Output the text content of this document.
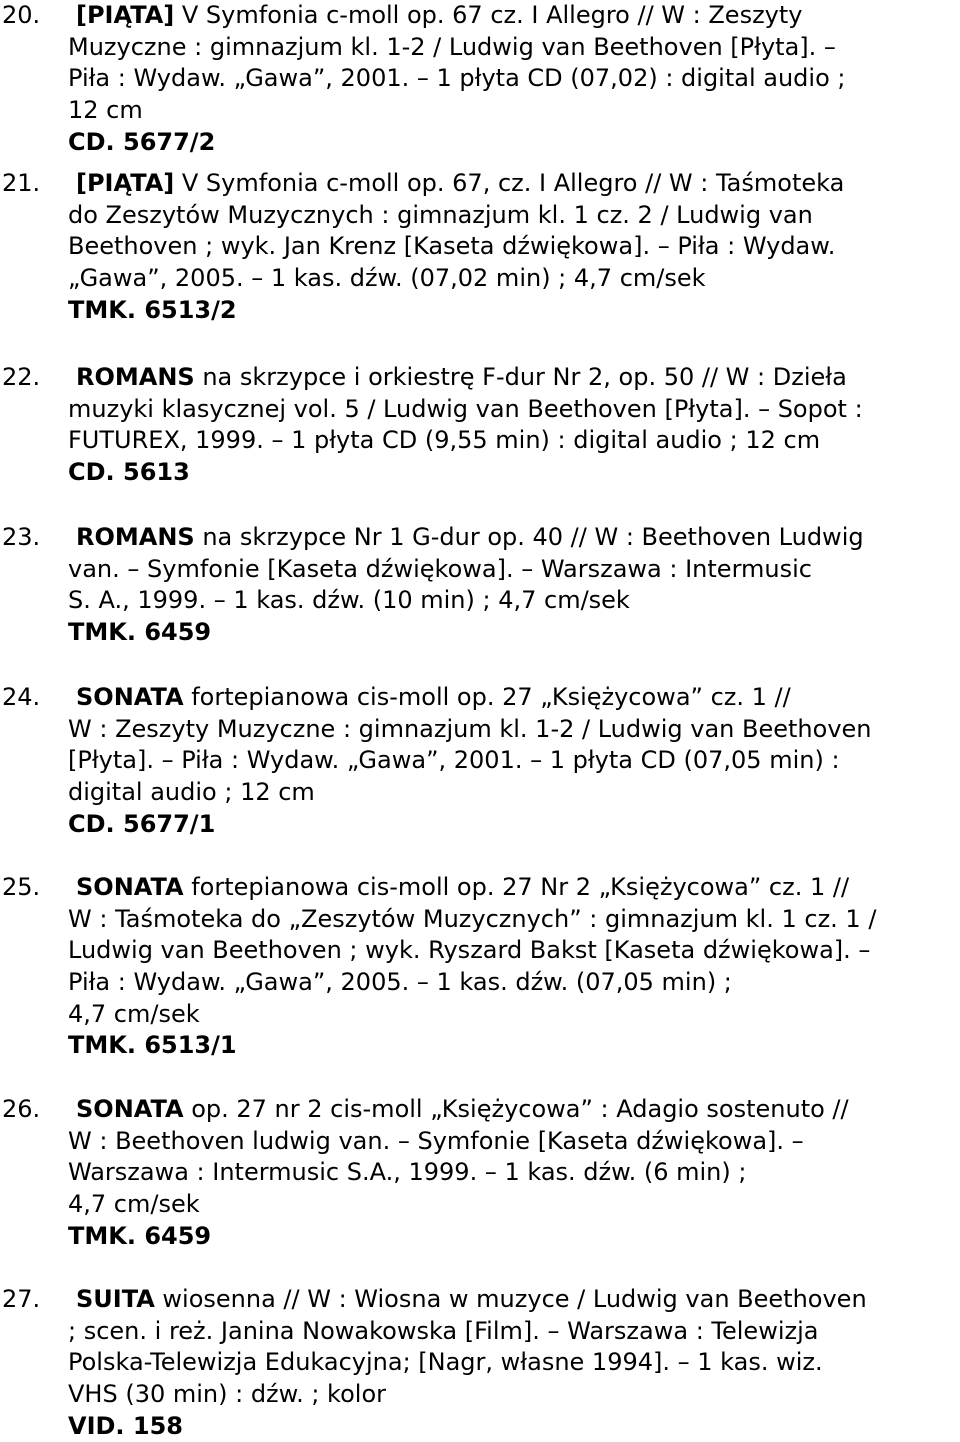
20.	[PIĄTA] V Symfonia c-moll op. 67 cz. I Allegro // W : Zeszyty
Muzyczne : gimnazjum kl. 1-2 / Ludwig van Beethoven [Płyta]. –
Piła : Wydaw. „Gawa”, 2001. – 1 płyta CD (07,02) : digital audio ;
12 cm
CD. 5677/2
21.	[PIĄTA] V Symfonia c-moll op. 67, cz. I Allegro // W : Taśmoteka
do Zeszytów Muzycznych : gimnazjum kl. 1 cz. 2 / Ludwig van
Beethoven ; wyk. Jan Krenz [Kaseta dźwiękowa]. – Piła : Wydaw.
„Gawa”, 2005. – 1 kas. dźw. (07,02 min) ; 4,7 cm/sek
TMK. 6513/2
22.	ROMANS na skrzypce i orkiestrę F-dur Nr 2, op. 50 // W : Dzieła
muzyki klasycznej vol. 5 / Ludwig van Beethoven [Płyta]. – Sopot :
FUTUREX, 1999. – 1 płyta CD (9,55 min) : digital audio ; 12 cm
CD. 5613
23.	ROMANS na skrzypce Nr 1 G-dur op. 40 // W : Beethoven Ludwig
van. – Symfonie [Kaseta dźwiękowa]. – Warszawa : Intermusic
S. A., 1999. – 1 kas. dźw. (10 min) ; 4,7 cm/sek
TMK. 6459
24.	SONATA fortepianowa cis-moll op. 27 „Księżycowa” cz. 1 //
W : Zeszyty Muzyczne : gimnazjum kl. 1-2 / Ludwig van Beethoven
[Płyta]. – Piła : Wydaw. „Gawa”, 2001. – 1 płyta CD (07,05 min) :
digital audio ; 12 cm
CD. 5677/1
25.	SONATA fortepianowa cis-moll op. 27 Nr 2 „Księżycowa” cz. 1 //
W : Taśmoteka do „Zeszytów Muzycznych” : gimnazjum kl. 1 cz. 1 /
Ludwig van Beethoven ; wyk. Ryszard Bakst [Kaseta dźwiękowa]. –
Piła : Wydaw. „Gawa”, 2005. – 1 kas. dźw. (07,05 min) ;
4,7 cm/sek
TMK. 6513/1
26.	SONATA op. 27 nr 2 cis-moll „Księżycowa” : Adagio sostenuto //
W : Beethoven ludwig van. – Symfonie [Kaseta dźwiękowa]. –
Warszawa : Intermusic S.A., 1999. – 1 kas. dźw. (6 min) ;
4,7 cm/sek
TMK. 6459
27.	SUITA wiosenna // W : Wiosna w muzyce / Ludwig van Beethoven
; scen. i reż. Janina Nowakowska [Film]. – Warszawa : Telewizja
Polska-Telewizja Edukacyjna; [Nagr, własne 1994]. – 1 kas. wiz.
VHS (30 min) : dźw. ; kolor
VID. 158
